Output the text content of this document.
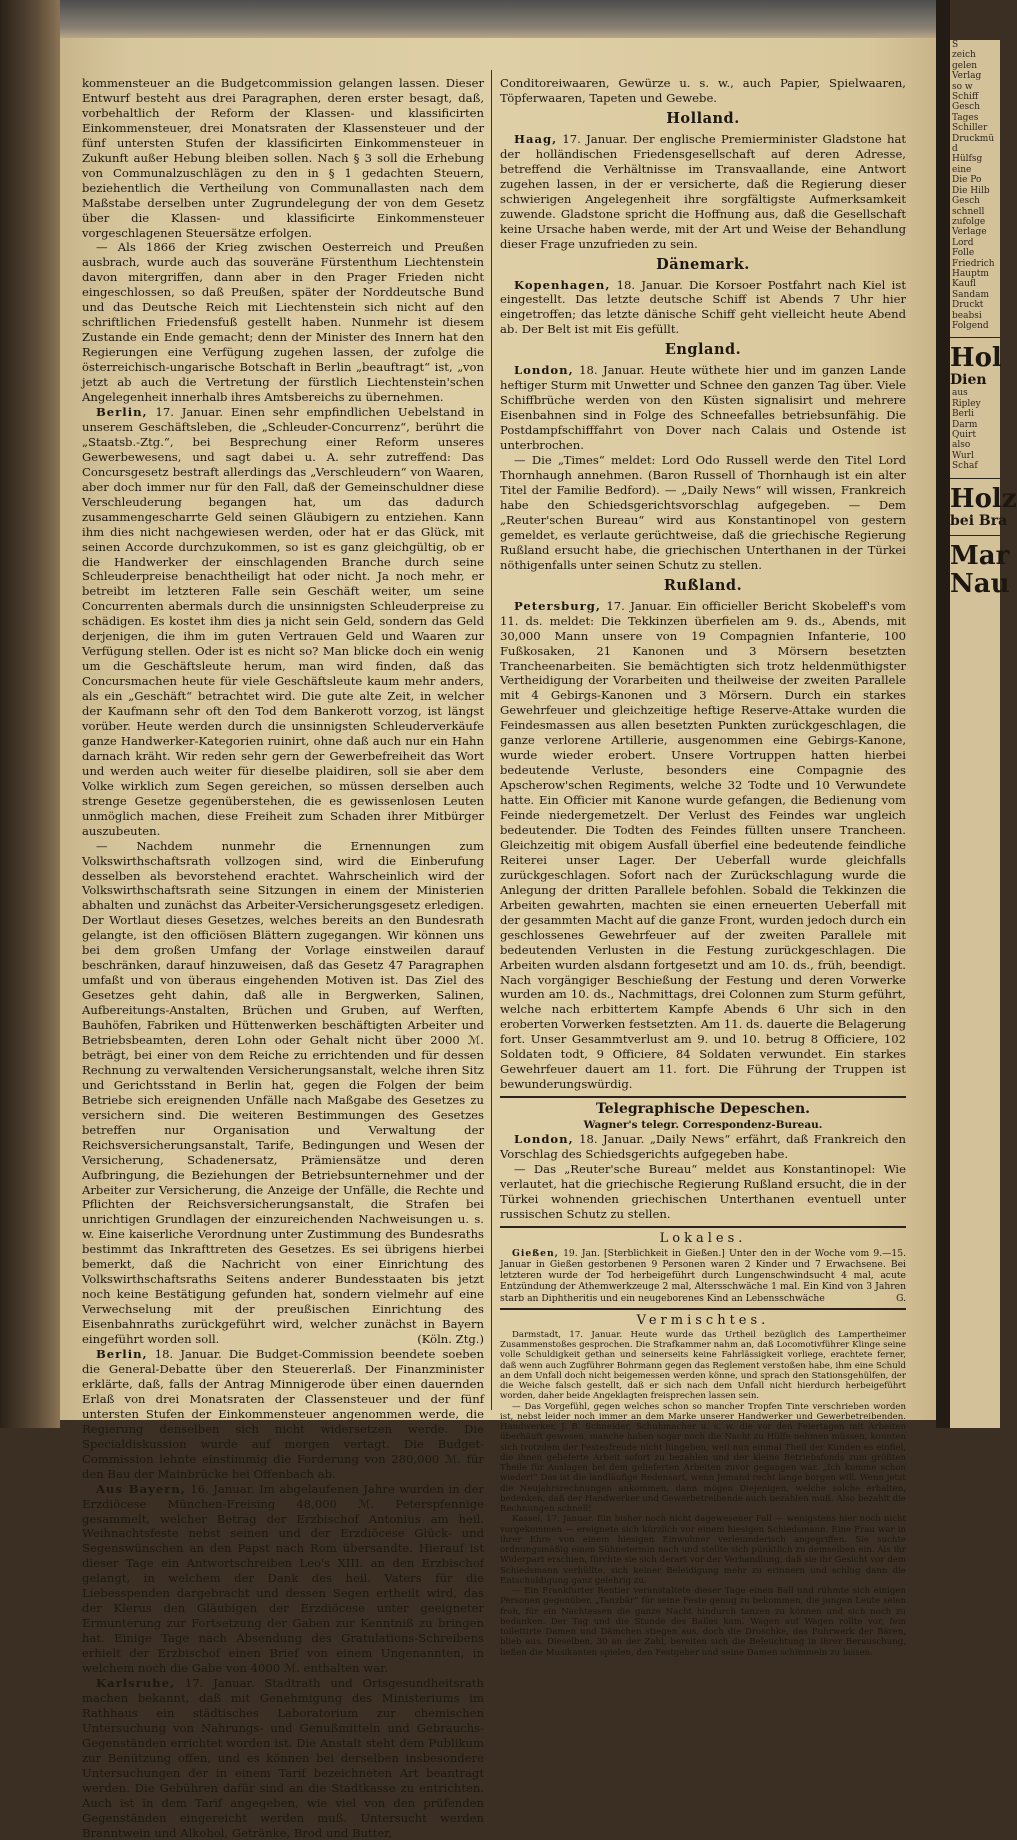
S
zeich
gelen
Verlag
so w
Schiff
Gesch
Tages
Schiller
Druckmü
d
Hülfsg
eine
Die Po
Die Hilb
Gesch
schnell
zufolge
Verlage
Lord
Folle
Friedrich
Hauptm
Kaufl
Sandam
Druckt
beabsi
Folgend
Hol
Dien
aus
Ripley
Berli
Darm
Quirt
also
Wurl
Schaf
Holz
bei Bra
Mar
Nau

kommensteuer an die Budgetcommission gelangen lassen. Dieser Entwurf besteht aus drei Paragraphen, deren erster besagt, daß, vorbehaltlich der Reform der Klassen- und klassificirten Einkommensteuer, drei Monatsraten der Klassensteuer und der fünf untersten Stufen der klassificirten Einkommensteuer in Zukunft außer Hebung bleiben sollen. Nach § 3 soll die Erhebung von Communalzuschlägen zu den in § 1 gedachten Steuern, beziehentlich die Vertheilung von Communallasten nach dem Maßstabe derselben unter Zugrundelegung der von dem Gesetz über die Klassen- und klassificirte Einkommensteuer vorgeschlagenen Steuersätze erfolgen.

— Als 1866 der Krieg zwischen Oesterreich und Preußen ausbrach, wurde auch das souveräne Fürstenthum Liechtenstein davon mitergriffen, dann aber in den Prager Frieden nicht eingeschlossen, so daß Preußen, später der Norddeutsche Bund und das Deutsche Reich mit Liechtenstein sich nicht auf den schriftlichen Friedensfuß gestellt haben. Nunmehr ist diesem Zustande ein Ende gemacht; denn der Minister des Innern hat den Regierungen eine Verfügung zugehen lassen, der zufolge die österreichisch-ungarische Botschaft in Berlin „beauftragt“ ist, „von jetzt ab auch die Vertretung der fürstlich Liechtenstein'schen Angelegenheit innerhalb ihres Amtsbereichs zu übernehmen.

Berlin, 17. Januar. Einen sehr empfindlichen Uebelstand in unserem Geschäftsleben, die „Schleuder-Concurrenz“, berührt die „Staatsb.-Ztg.“, bei Besprechung einer Reform unseres Gewerbewesens, und sagt dabei u. A. sehr zutreffend: Das Concursgesetz bestraft allerdings das „Verschleudern“ von Waaren, aber doch immer nur für den Fall, daß der Gemeinschuldner diese Verschleuderung begangen hat, um das dadurch zusammengescharrte Geld seinen Gläubigern zu entziehen. Kann ihm dies nicht nachgewiesen werden, oder hat er das Glück, mit seinen Accorde durchzukommen, so ist es ganz gleichgültig, ob er die Handwerker der einschlagenden Branche durch seine Schleuderpreise benachtheiligt hat oder nicht. Ja noch mehr, er betreibt im letzteren Falle sein Geschäft weiter, um seine Concurrenten abermals durch die unsinnigsten Schleuderpreise zu schädigen. Es kostet ihm dies ja nicht sein Geld, sondern das Geld derjenigen, die ihm im guten Vertrauen Geld und Waaren zur Verfügung stellen. Oder ist es nicht so? Man blicke doch ein wenig um die Geschäftsleute herum, man wird finden, daß das Concursmachen heute für viele Geschäftsleute kaum mehr anders, als ein „Geschäft“ betrachtet wird. Die gute alte Zeit, in welcher der Kaufmann sehr oft den Tod dem Bankerott vorzog, ist längst vorüber. Heute werden durch die unsinnigsten Schleuderverkäufe ganze Handwerker-Kategorien ruinirt, ohne daß auch nur ein Hahn darnach kräht. Wir reden sehr gern der Gewerbefreiheit das Wort und werden auch weiter für dieselbe plaidiren, soll sie aber dem Volke wirklich zum Segen gereichen, so müssen derselben auch strenge Gesetze gegenüberstehen, die es gewissenlosen Leuten unmöglich machen, diese Freiheit zum Schaden ihrer Mitbürger auszubeuten.

— Nachdem nunmehr die Ernennungen zum Volkswirthschaftsrath vollzogen sind, wird die Einberufung desselben als bevorstehend erachtet. Wahrscheinlich wird der Volkswirthschaftsrath seine Sitzungen in einem der Ministerien abhalten und zunächst das Arbeiter-Versicherungsgesetz erledigen. Der Wortlaut dieses Gesetzes, welches bereits an den Bundesrath gelangte, ist den officiösen Blättern zugegangen. Wir können uns bei dem großen Umfang der Vorlage einstweilen darauf beschränken, darauf hinzuweisen, daß das Gesetz 47 Paragraphen umfaßt und von überaus eingehenden Motiven ist. Das Ziel des Gesetzes geht dahin, daß alle in Bergwerken, Salinen, Aufbereitungs-Anstalten, Brüchen und Gruben, auf Werften, Bauhöfen, Fabriken und Hüttenwerken beschäftigten Arbeiter und Betriebsbeamten, deren Lohn oder Gehalt nicht über 2000 ℳ. beträgt, bei einer von dem Reiche zu errichtenden und für dessen Rechnung zu verwaltenden Versicherungsanstalt, welche ihren Sitz und Gerichtsstand in Berlin hat, gegen die Folgen der beim Betriebe sich ereignenden Unfälle nach Maßgabe des Gesetzes zu versichern sind. Die weiteren Bestimmungen des Gesetzes betreffen nur Organisation und Verwaltung der Reichsversicherungsanstalt, Tarife, Bedingungen und Wesen der Versicherung, Schadenersatz, Prämiensätze und deren Aufbringung, die Beziehungen der Betriebsunternehmer und der Arbeiter zur Versicherung, die Anzeige der Unfälle, die Rechte und Pflichten der Reichsversicherungsanstalt, die Strafen bei unrichtigen Grundlagen der einzureichenden Nachweisungen u. s. w. Eine kaiserliche Verordnung unter Zustimmung des Bundesraths bestimmt das Inkrafttreten des Gesetzes. Es sei übrigens hierbei bemerkt, daß die Nachricht von einer Einrichtung des Volkswirthschaftsraths Seitens anderer Bundesstaaten bis jetzt noch keine Bestätigung gefunden hat, sondern vielmehr auf eine Verwechselung mit der preußischen Einrichtung des Eisenbahnraths zurückgeführt wird, welcher zunächst in Bayern eingeführt worden soll.	(Köln. Ztg.)

Berlin, 18. Januar. Die Budget-Commission beendete soeben die General-Debatte über den Steuererlaß. Der Finanzminister erklärte, daß, falls der Antrag Minnigerode über einen dauernden Erlaß von drei Monatsraten der Classensteuer und der fünf untersten Stufen der Einkommensteuer angenommen werde, die Regierung denselben sich nicht widersetzen werde. Die Specialdiskussion wurde auf morgen vertagt. Die Budget-Commission lehnte einstimmig die Forderung von 280,000 ℳ. für den Bau der Mainbrücke bei Offenbach ab.

Aus Bayern, 16. Januar. Im abgelaufenen Jahre wurden in der Erzdiöcese München-Freising 48,000 ℳ. Peterspfennige gesammelt, welcher Betrag der Erzbischof Antonius am heil. Weihnachtsfeste nebst seinen und der Erzdiöcese Glück- und Segenswünschen an den Papst nach Rom übersandte. Hierauf ist dieser Tage ein Antwortschreiben Leo's XIII. an den Erzbischof gelangt, in welchem der Dank des heil. Vaters für die Liebesspenden dargebracht und dessen Segen ertheilt wird, das der Klerus den Gläubigen der Erzdiöcese unter geeigneter Ermunterung zur Fortsetzung der Gaben zur Kenntniß zu bringen hat. Einige Tage nach Absendung des Gratulations-Schreibens erhielt der Erzbischof einen Brief von einem Ungenannten, in welchem noch die Gabe von 4000 ℳ. enthalten war.

Karlsruhe, 17. Januar. Stadtrath und Ortsgesundheitsrath machen bekannt, daß mit Genehmigung des Ministeriums im Rathhaus ein städtisches Laboratorium zur chemischen Untersuchung von Nahrungs- und Genußmitteln und Gebrauchs-Gegenständen errichtet worden ist. Die Anstalt steht dem Publikum zur Benützung offen, und es können bei derselben insbesondere Untersuchungen der in einem Tarif bezeichneten Art beantragt werden. Die Gebühren dafür sind an die Stadtkasse zu entrichten. Auch ist in dem Tarif angegeben, wie viel von den prüfenden Gegenständen eingereicht werden muß. Untersucht werden Branntwein und Alkohol, Getränke, Brod und Butter,

Conditoreiwaaren, Gewürze u. s. w., auch Papier, Spielwaaren, Töpferwaaren, Tapeten und Gewebe.

Holland.

Haag, 17. Januar. Der englische Premierminister Gladstone hat der holländischen Friedensgesellschaft auf deren Adresse, betreffend die Verhältnisse im Transvaallande, eine Antwort zugehen lassen, in der er versicherte, daß die Regierung dieser schwierigen Angelegenheit ihre sorgfältigste Aufmerksamkeit zuwende. Gladstone spricht die Hoffnung aus, daß die Gesellschaft keine Ursache haben werde, mit der Art und Weise der Behandlung dieser Frage unzufrieden zu sein.

Dänemark.

Kopenhagen, 18. Januar. Die Korsoer Postfahrt nach Kiel ist eingestellt. Das letzte deutsche Schiff ist Abends 7 Uhr hier eingetroffen; das letzte dänische Schiff geht vielleicht heute Abend ab. Der Belt ist mit Eis gefüllt.

England.

London, 18. Januar. Heute wüthete hier und im ganzen Lande heftiger Sturm mit Unwetter und Schnee den ganzen Tag über. Viele Schiffbrüche werden von den Küsten signalisirt und mehrere Eisenbahnen sind in Folge des Schneefalles betriebsunfähig. Die Postdampfschifffahrt von Dover nach Calais und Ostende ist unterbrochen.

— Die „Times“ meldet: Lord Odo Russell werde den Titel Lord Thornhaugh annehmen. (Baron Russell of Thornhaugh ist ein alter Titel der Familie Bedford). — „Daily News“ will wissen, Frankreich habe den Schiedsgerichtsvorschlag aufgegeben. — Dem „Reuter'schen Bureau“ wird aus Konstantinopel von gestern gemeldet, es verlaute gerüchtweise, daß die griechische Regierung Rußland ersucht habe, die griechischen Unterthanen in der Türkei nöthigenfalls unter seinen Schutz zu stellen.

Rußland.

Petersburg, 17. Januar. Ein officieller Bericht Skobeleff's vom 11. ds. meldet: Die Tekkinzen überfielen am 9. ds., Abends, mit 30,000 Mann unsere von 19 Compagnien Infanterie, 100 Fußkosaken, 21 Kanonen und 3 Mörsern besetzten Trancheenarbeiten. Sie bemächtigten sich trotz heldenmüthigster Vertheidigung der Vorarbeiten und theilweise der zweiten Parallele mit 4 Gebirgs-Kanonen und 3 Mörsern. Durch ein starkes Gewehrfeuer und gleichzeitige heftige Reserve-Attake wurden die Feindesmassen aus allen besetzten Punkten zurückgeschlagen, die ganze verlorene Artillerie, ausgenommen eine Gebirgs-Kanone, wurde wieder erobert. Unsere Vortruppen hatten hierbei bedeutende Verluste, besonders eine Compagnie des Apscherow'schen Regiments, welche 32 Todte und 10 Verwundete hatte. Ein Officier mit Kanone wurde gefangen, die Bedienung vom Feinde niedergemetzelt. Der Verlust des Feindes war ungleich bedeutender. Die Todten des Feindes füllten unsere Trancheen. Gleichzeitig mit obigem Ausfall überfiel eine bedeutende feindliche Reiterei unser Lager. Der Ueberfall wurde gleichfalls zurückgeschlagen. Sofort nach der Zurückschlagung wurde die Anlegung der dritten Parallele befohlen. Sobald die Tekkinzen die Arbeiten gewahrten, machten sie einen erneuerten Ueberfall mit der gesammten Macht auf die ganze Front, wurden jedoch durch ein geschlossenes Gewehrfeuer auf der zweiten Parallele mit bedeutenden Verlusten in die Festung zurückgeschlagen. Die Arbeiten wurden alsdann fortgesetzt und am 10. ds., früh, beendigt. Nach vorgängiger Beschießung der Festung und deren Vorwerke wurden am 10. ds., Nachmittags, drei Colonnen zum Sturm geführt, welche nach erbittertem Kampfe Abends 6 Uhr sich in den eroberten Vorwerken festsetzten. Am 11. ds. dauerte die Belagerung fort. Unser Gesammtverlust am 9. und 10. betrug 8 Officiere, 102 Soldaten todt, 9 Officiere, 84 Soldaten verwundet. Ein starkes Gewehrfeuer dauert am 11. fort. Die Führung der Truppen ist bewunderungswürdig.

Telegraphische Depeschen.
Wagner's telegr. Correspondenz-Bureau.

London, 18. Januar. „Daily News“ erfährt, daß Frankreich den Vorschlag des Schiedsgerichts aufgegeben habe.

— Das „Reuter'sche Bureau“ meldet aus Konstantinopel: Wie verlautet, hat die griechische Regierung Rußland ersucht, die in der Türkei wohnenden griechischen Unterthanen eventuell unter russischen Schutz zu stellen.

Lokales.

Gießen, 19. Jan. [Sterblichkeit in Gießen.] Unter den in der Woche vom 9.—15. Januar in Gießen gestorbenen 9 Personen waren 2 Kinder und 7 Erwachsene. Bei letzteren wurde der Tod herbeigeführt durch Lungenschwindsucht 4 mal, acute Entzündung der Athemwerkzeuge 2 mal, Altersschwäche 1 mal. Ein Kind von 3 Jahren starb an Diphtheritis und ein neugeborenes Kind an Lebensschwäche	G.

Vermischtes.

Darmstadt, 17. Januar. Heute wurde das Urtheil bezüglich des Lampertheimer Zusammenstoßes gesprochen. Die Strafkammer nahm an, daß Locomotivführer Klinge seine volle Schuldigkeit gethan und seinerseits keine Fahrlässigkeit vorliege, erachtete ferner, daß wenn auch Zugführer Bohrmann gegen das Reglement verstoßen habe, ihm eine Schuld an dem Unfall doch nicht beigemessen werden könne, und sprach den Stationsgehülfen, der die Weiche falsch gestellt, daß er sich nach dem Unfall nicht hierdurch herbeigeführt worden, daher beide Angeklagten freisprechen lassen sein.

— Das Vorgefühl, gegen welches schon so mancher Tropfen Tinte verschrieben worden ist, nebst leider noch immer an dem Marke unserer Handwerker und Gewerbetreibenden. Handwerker, J. B. Schneider, Schuhmacher u. s. w. die vor den Feiertagen mit Arbeiten überhäuft gewesen, manche haben sogar noch die Nacht zu Hülfe nehmen müssen, konnten sich trotzdem der Festesfreude nicht hingeben, weil nun einmal Theil der Kunden es einfiel, die ihnen gelieferte Arbeit sofort zu bezahlen und der kleine Betriebsfonds zum größten Theile für Auslagen bei dem gelieferten Arbeiten zuvor gegangen war. „Ich komme schon wieder!“ Das ist die landläufige Redensart, wenn Jemand recht lange borgen will. Wenn jetzt die Neujahrsrechnungen ankommen, dann mögen Diejenigen, welche solche erhalten, bedenken, daß der Handwerker und Gewerbetreibende auch bezahlen muß. Also bezahlt die Rechnungen schnell!

Kassel, 17. Januar. Ein bisher noch nicht dagewesener Fall — wenigstens hier noch nicht vorgekommen — ereignete sich kürzlich vor einem hiesigen Schiedsmann. Eine Frau war in ihrer Ehre von einem hiesigen Einwohner verleumderisch angegriffen. Sie suchte ordnungsmäßig einen Sühnetermin nach und stellte sich pünktlich zu demselben ein. Als ihr Widerpart erschien, fürchte sie sich derart vor der Verhandlung, daß sie ihr Gesicht vor dem Schiedsmann verhüllte, sich keiner Beleidigung mehr zu erinnern und schlug dann die Entschuldigung ganz gelehrig zu.

— Ein Frankfurter Rentier veranstaltete dieser Tage einen Ball und rühmte sich einigen Personen gegenüber, „Tanzbär“ für seine Feste genug zu bekommen, die jungen Leute seien froh, für ein Nachtessen die ganze Nacht hindurch tanzen zu können und sich noch zu bedanken. Der Tag und die Stunde des Balles kam. Wagen auf Wagen rollte vor, fein toilettirte Damen und Dämchen stiegen aus, doch die Droschke, das Fuhrwerk der Bären, blieb aus. Dieselben, 30 an der Zahl, bereiten sich die Beleuchtung in ihrer Berauschung, ließen die Musikanten spielen, den Festgeber und seine Damen schimmeln zu lassen.
